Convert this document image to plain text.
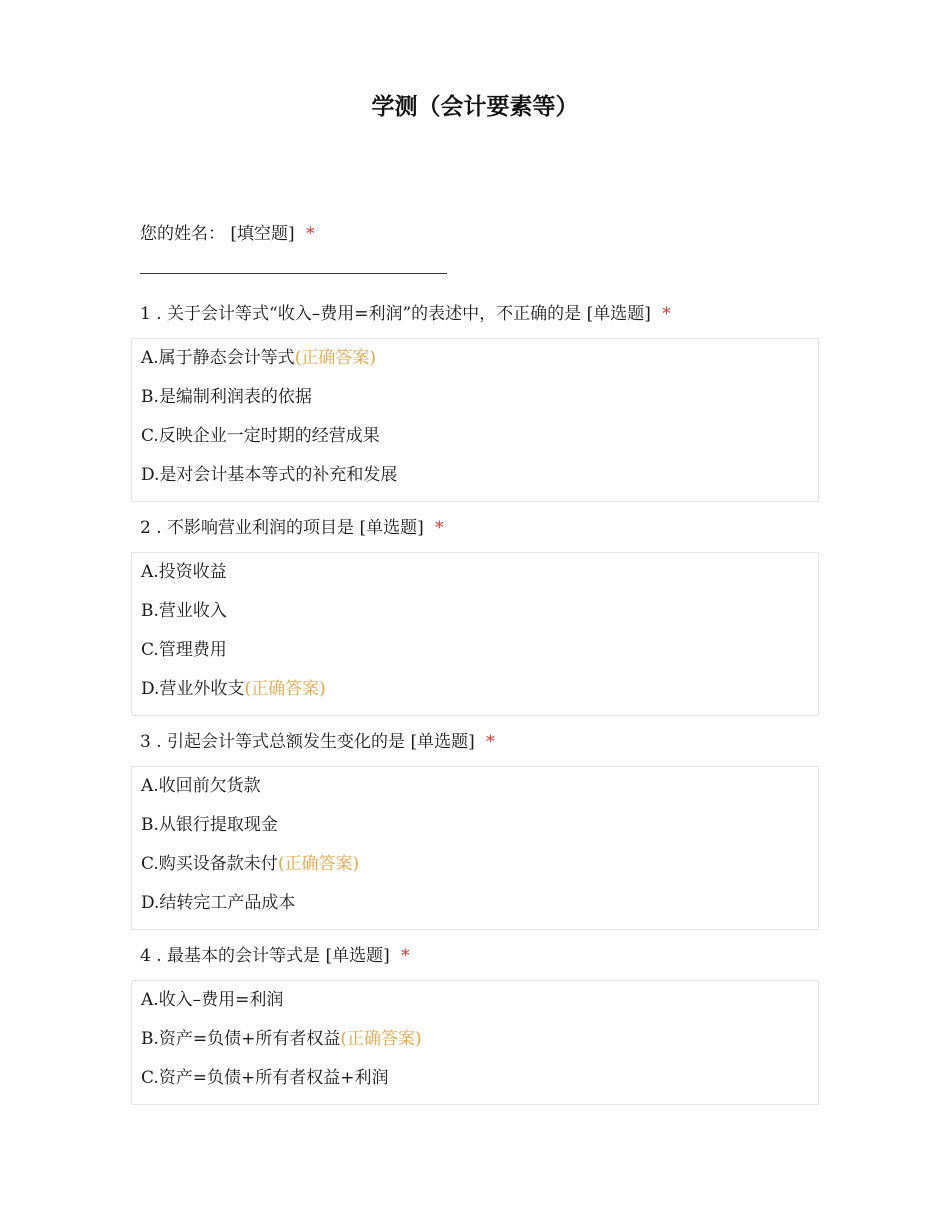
学测（会计要素等）
您的姓名： [填空题] *
1 . 关于会计等式“收入–费用=利润”的表述中，不正确的是 [单选题] *
A.属于静态会计等式(正确答案)
B.是编制利润表的依据
C.反映企业一定时期的经营成果
D.是对会计基本等式的补充和发展
2 . 不影响营业利润的项目是 [单选题] *
A.投资收益
B.营业收入
C.管理费用
D.营业外收支(正确答案)
3 . 引起会计等式总额发生变化的是 [单选题] *
A.收回前欠货款
B.从银行提取现金
C.购买设备款未付(正确答案)
D.结转完工产品成本
4 . 最基本的会计等式是 [单选题] *
A.收入–费用=利润
B.资产=负债+所有者权益(正确答案)
C.资产=负债+所有者权益+利润
